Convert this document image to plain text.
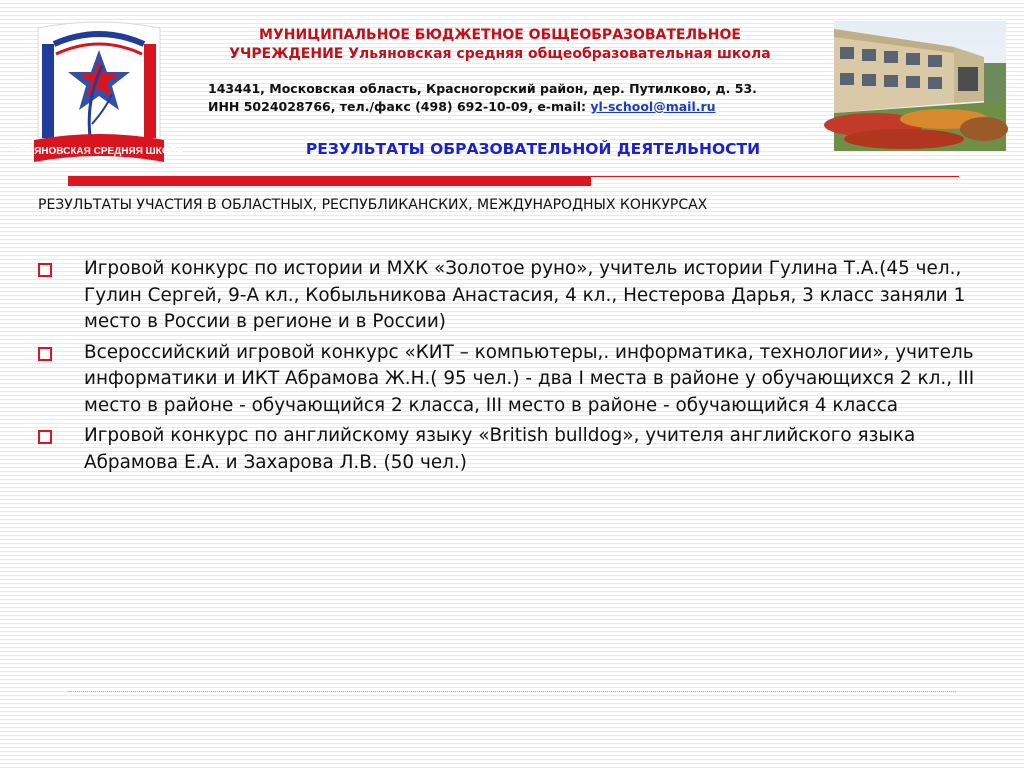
УЛЬЯНОВСКАЯ СРЕДНЯЯ ШКОЛА
МУНИЦИПАЛЬНОЕ БЮДЖЕТНОЕ ОБЩЕОБРАЗОВАТЕЛЬНОЕ
УЧРЕЖДЕНИЕ Ульяновская средняя общеобразовательная школа
143441, Московская область, Красногорский район, дер. Путилково, д. 53.
ИНН 5024028766, тел./факс (498) 692-10-09, e-mail: yl-school@mail.ru
РЕЗУЛЬТАТЫ ОБРАЗОВАТЕЛЬНОЙ ДЕЯТЕЛЬНОСТИ
РЕЗУЛЬТАТЫ УЧАСТИЯ В ОБЛАСТНЫХ, РЕСПУБЛИКАНСКИХ, МЕЖДУНАРОДНЫХ КОНКУРСАХ
Игровой конкурс по истории и МХК «Золотое руно», учитель истории Гулина Т.А.(45 чел., Гулин Сергей, 9-А кл., Кобыльникова Анастасия, 4 кл., Нестерова Дарья, 3 класс заняли 1 место в России в регионе и в России)
Всероссийский игровой конкурс «КИТ – компьютеры,. информатика, технологии», учитель информатики и ИКТ Абрамова Ж.Н.( 95 чел.) - два I места в районе у обучающихся 2 кл., III место в районе - обучающийся 2 класса, III место в районе - обучающийся 4 класса
Игровой конкурс по английскому языку «British bulldog», учителя английского языка Абрамова Е.А. и Захарова Л.В. (50 чел.)
